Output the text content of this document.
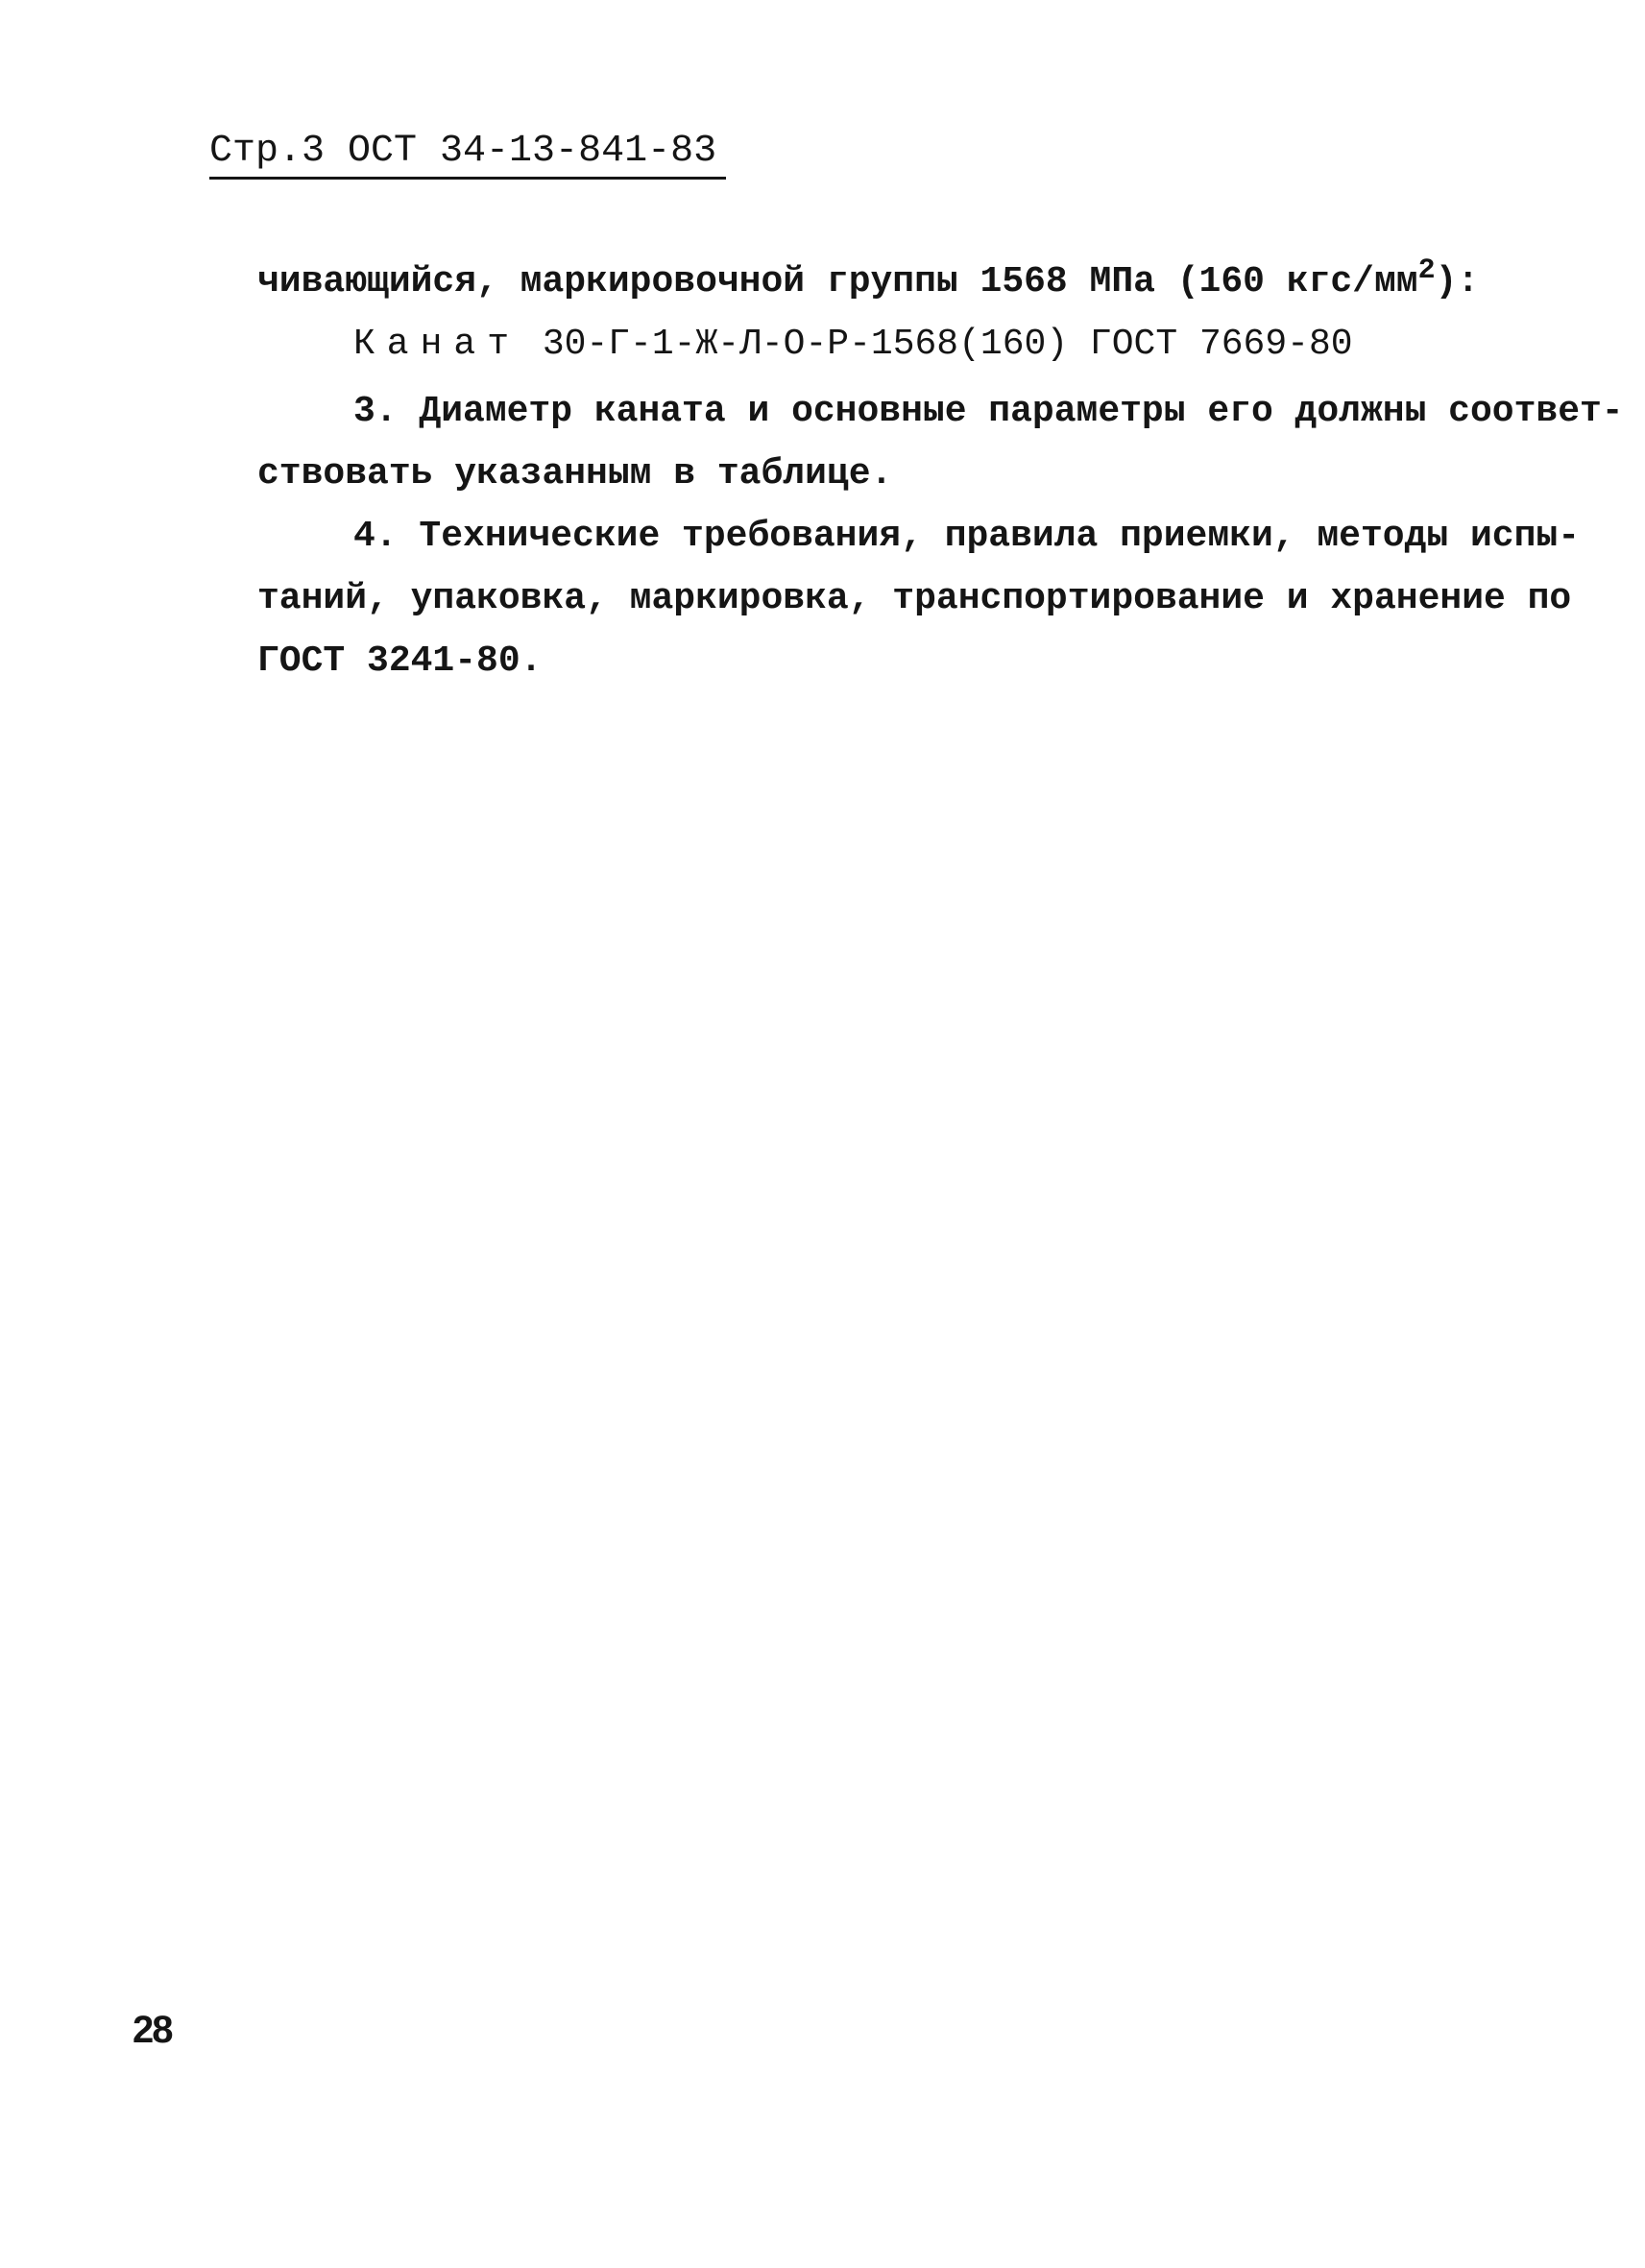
Стр.3 ОСТ 34-13-841-83
чивающийся, маркировочной группы 1568 МПа (160 кгс/$мм^2$):
Канат 30-Г-1-Ж-Л-О-Р-1568(160) ГОСТ 7669-80
3. Диаметр каната и основные параметры его должны соответ-
ствовать указанным в таблице.
4. Технические требования, правила приемки, методы испы-
таний, упаковка, маркировка, транспортирование и хранение по
ГОСТ 3241-80.
28
